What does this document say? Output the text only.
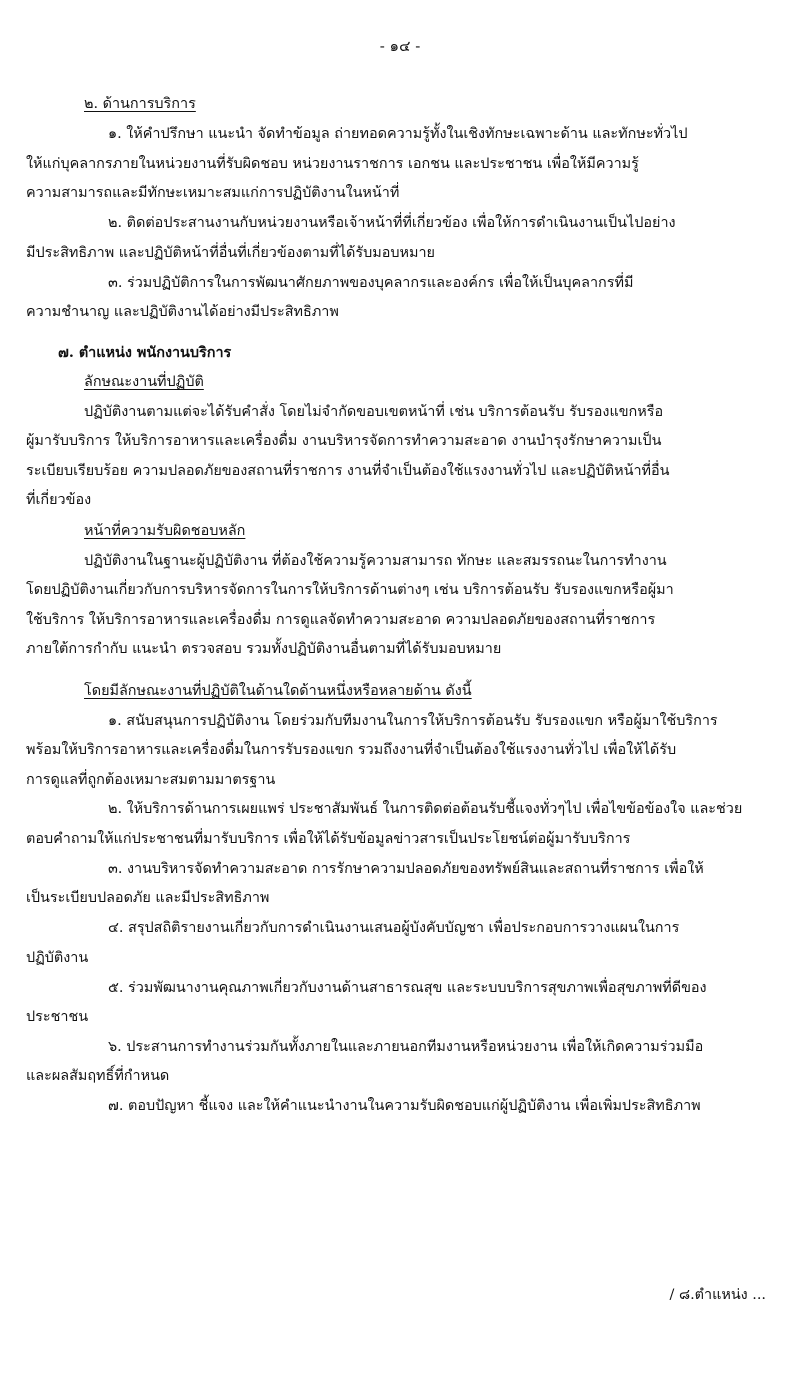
- ๑๔ -
๒. ด้านการบริการ
๑. ให้คำปรึกษา แนะนำ จัดทำข้อมูล ถ่ายทอดความรู้ทั้งในเชิงทักษะเฉพาะด้าน และทักษะทั่วไป
ให้แก่บุคลากรภายในหน่วยงานที่รับผิดชอบ หน่วยงานราชการ เอกชน และประชาชน เพื่อให้มีความรู้
ความสามารถและมีทักษะเหมาะสมแก่การปฏิบัติงานในหน้าที่
๒. ติดต่อประสานงานกับหน่วยงานหรือเจ้าหน้าที่ที่เกี่ยวข้อง เพื่อให้การดำเนินงานเป็นไปอย่าง
มีประสิทธิภาพ และปฏิบัติหน้าที่อื่นที่เกี่ยวข้องตามที่ได้รับมอบหมาย
๓. ร่วมปฏิบัติการในการพัฒนาศักยภาพของบุคลากรและองค์กร เพื่อให้เป็นบุคลากรที่มี
ความชำนาญ และปฏิบัติงานได้อย่างมีประสิทธิภาพ
๗. ตำแหน่ง พนักงานบริการ
ลักษณะงานที่ปฏิบัติ
ปฏิบัติงานตามแต่จะได้รับคำสั่ง โดยไม่จำกัดขอบเขตหน้าที่ เช่น บริการต้อนรับ รับรองแขกหรือ
ผู้มารับบริการ ให้บริการอาหารและเครื่องดื่ม งานบริหารจัดการทำความสะอาด งานบำรุงรักษาความเป็น
ระเบียบเรียบร้อย ความปลอดภัยของสถานที่ราชการ งานที่จำเป็นต้องใช้แรงงานทั่วไป และปฏิบัติหน้าที่อื่น
ที่เกี่ยวข้อง
หน้าที่ความรับผิดชอบหลัก
ปฏิบัติงานในฐานะผู้ปฏิบัติงาน ที่ต้องใช้ความรู้ความสามารถ ทักษะ และสมรรถนะในการทำงาน
โดยปฏิบัติงานเกี่ยวกับการบริหารจัดการในการให้บริการด้านต่างๆ เช่น บริการต้อนรับ รับรองแขกหรือผู้มา
ใช้บริการ ให้บริการอาหารและเครื่องดื่ม การดูแลจัดทำความสะอาด ความปลอดภัยของสถานที่ราชการ
ภายใต้การกำกับ แนะนำ ตรวจสอบ รวมทั้งปฏิบัติงานอื่นตามที่ได้รับมอบหมาย
โดยมีลักษณะงานที่ปฏิบัติในด้านใดด้านหนึ่งหรือหลายด้าน ดังนี้
๑. สนับสนุนการปฏิบัติงาน โดยร่วมกับทีมงานในการให้บริการต้อนรับ รับรองแขก หรือผู้มาใช้บริการ
พร้อมให้บริการอาหารและเครื่องดื่มในการรับรองแขก รวมถึงงานที่จำเป็นต้องใช้แรงงานทั่วไป เพื่อให้ได้รับ
การดูแลที่ถูกต้องเหมาะสมตามมาตรฐาน
๒. ให้บริการด้านการเผยแพร่ ประชาสัมพันธ์ ในการติดต่อต้อนรับชี้แจงทั่วๆไป เพื่อไขข้อข้องใจ และช่วย
ตอบคำถามให้แก่ประชาชนที่มารับบริการ เพื่อให้ได้รับข้อมูลข่าวสารเป็นประโยชน์ต่อผู้มารับบริการ
๓. งานบริหารจัดทำความสะอาด การรักษาความปลอดภัยของทรัพย์สินและสถานที่ราชการ เพื่อให้
เป็นระเบียบปลอดภัย และมีประสิทธิภาพ
๔. สรุปสถิติรายงานเกี่ยวกับการดำเนินงานเสนอผู้บังคับบัญชา เพื่อประกอบการวางแผนในการ
ปฏิบัติงาน
๕. ร่วมพัฒนางานคุณภาพเกี่ยวกับงานด้านสาธารณสุข และระบบบริการสุขภาพเพื่อสุขภาพที่ดีของ
ประชาชน
๖. ประสานการทำงานร่วมกันทั้งภายในและภายนอกทีมงานหรือหน่วยงาน เพื่อให้เกิดความร่วมมือ
และผลสัมฤทธิ์ที่กำหนด
๗. ตอบปัญหา ชี้แจง และให้คำแนะนำงานในความรับผิดชอบแก่ผู้ปฏิบัติงาน เพื่อเพิ่มประสิทธิภาพ
/ ๘.ตำแหน่ง ...
